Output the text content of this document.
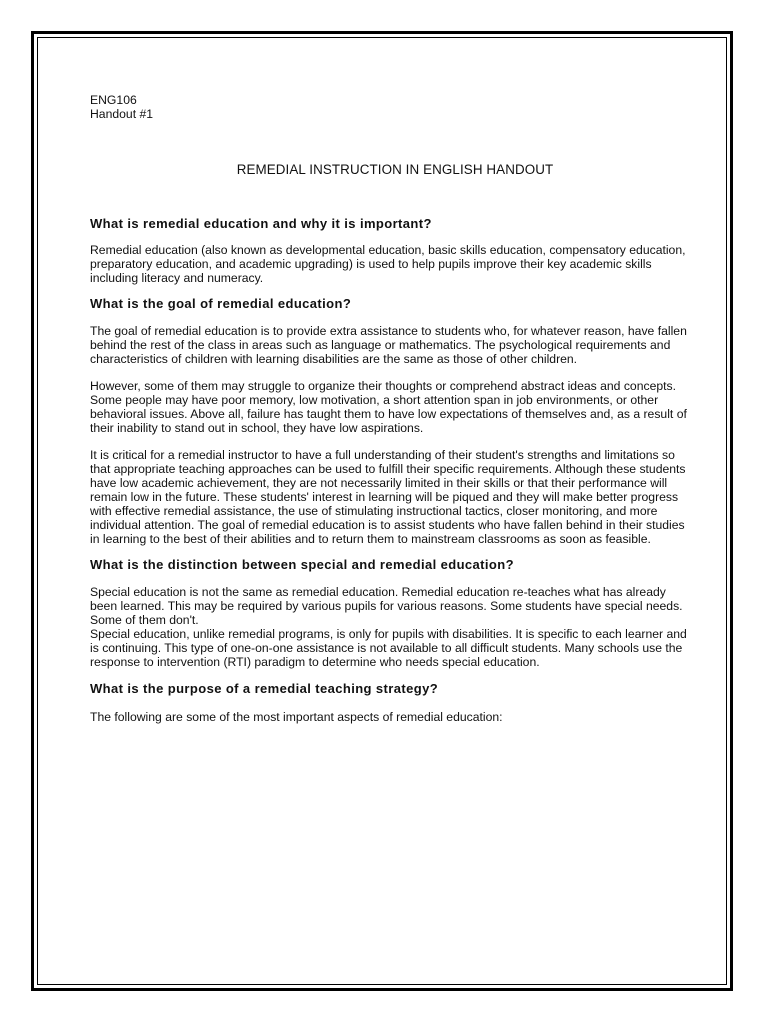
ENG106

Handout #1

REMEDIAL INSTRUCTION IN ENGLISH HANDOUT
What is remedial education and why it is important?

Remedial education (also known as developmental education, basic skills education, compensatory education, preparatory education, and academic upgrading) is used to help pupils improve their key academic skills including literacy and numeracy.

What is the goal of remedial education?

The goal of remedial education is to provide extra assistance to students who, for whatever reason, have fallen behind the rest of the class in areas such as language or mathematics. The psychological requirements and characteristics of children with learning disabilities are the same as those of other children.

However, some of them may struggle to organize their thoughts or comprehend abstract ideas and concepts. Some people may have poor memory, low motivation, a short attention span in job environments, or other behavioral issues. Above all, failure has taught them to have low expectations of themselves and, as a result of their inability to stand out in school, they have low aspirations.

It is critical for a remedial instructor to have a full understanding of their student's strengths and limitations so that appropriate teaching approaches can be used to fulfill their specific requirements. Although these students have low academic achievement, they are not necessarily limited in their skills or that their performance will remain low in the future. These students' interest in learning will be piqued and they will make better progress with effective remedial assistance, the use of stimulating instructional tactics, closer monitoring, and more individual attention. The goal of remedial education is to assist students who have fallen behind in their studies in learning to the best of their abilities and to return them to mainstream classrooms as soon as feasible.

What is the distinction between special and remedial education?

Special education is not the same as remedial education. Remedial education re-teaches what has already been learned. This may be required by various pupils for various reasons. Some students have special needs. Some of them don't.

Special education, unlike remedial programs, is only for pupils with disabilities. It is specific to each learner and is continuing. This type of one-on-one assistance is not available to all difficult students. Many schools use the response to intervention (RTI) paradigm to determine who needs special education.

What is the purpose of a remedial teaching strategy?

The following are some of the most important aspects of remedial education:
